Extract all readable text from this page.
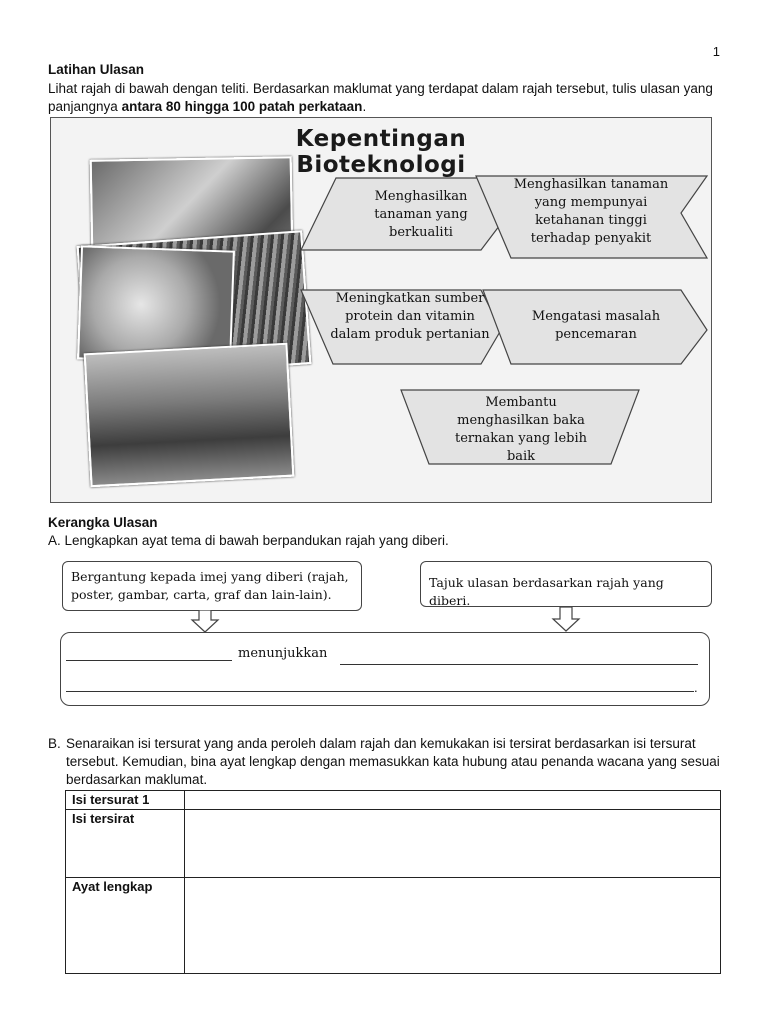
1
Latihan Ulasan
Lihat rajah di bawah dengan teliti. Berdasarkan maklumat yang terdapat dalam rajah tersebut, tulis ulasan yang panjangnya antara 80 hingga 100 patah perkataan.
Kepentingan Bioteknologi
Menghasilkan tanaman yang berkualiti
Menghasilkan tanaman yang mempunyai ketahanan tinggi terhadap penyakit
Meningkatkan sumber protein dan vitamin dalam produk pertanian
Mengatasi masalah pencemaran
Membantu menghasilkan baka ternakan yang lebih baik
Kerangka Ulasan
A. Lengkapkan ayat tema di bawah berpandukan rajah yang diberi.
Bergantung kepada imej yang diberi (rajah, poster, gambar, carta, graf dan lain-lain).
Tajuk ulasan berdasarkan rajah yang diberi.
menunjukkan
.
B. Senaraikan isi tersurat yang anda peroleh dalam rajah dan kemukakan isi tersirat berdasarkan isi tersurat tersebut. Kemudian, bina ayat lengkap dengan memasukkan kata hubung atau penanda wacana yang sesuai berdasarkan maklumat.
Isi tersurat 1	
Isi tersirat	
Ayat lengkap	
